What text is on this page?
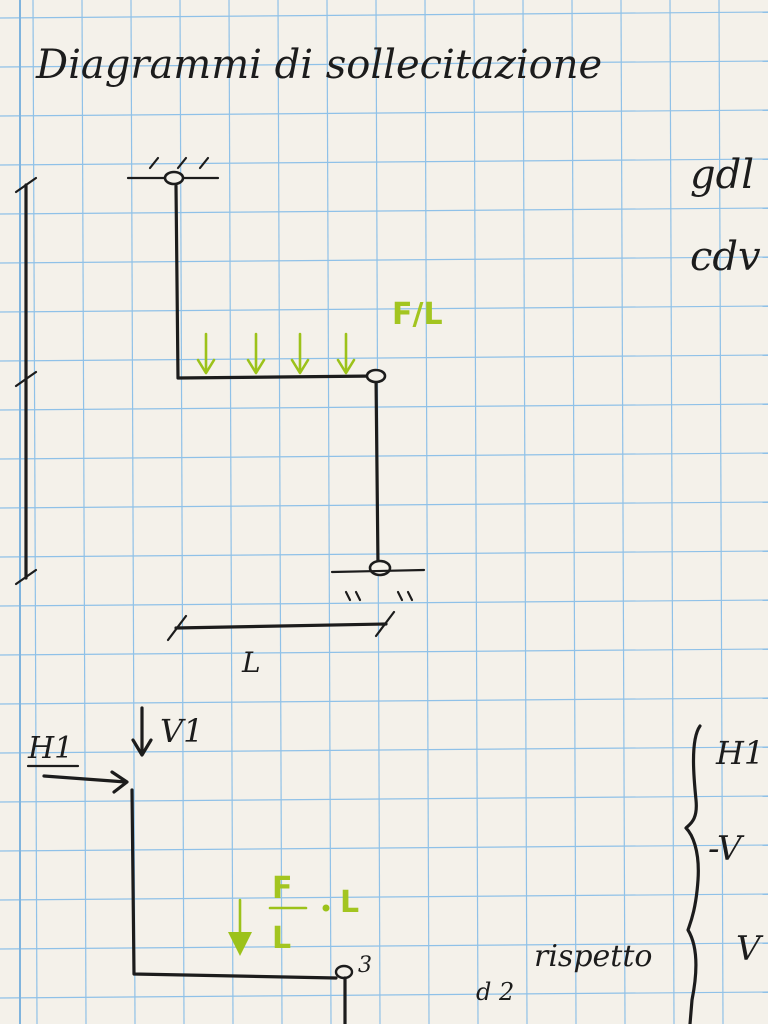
Diagrammi di sollecitazione
gdl
cdv
F/L
L
H1	V1
3
F
L
L
d 2
rispetto
H1
-V
V
